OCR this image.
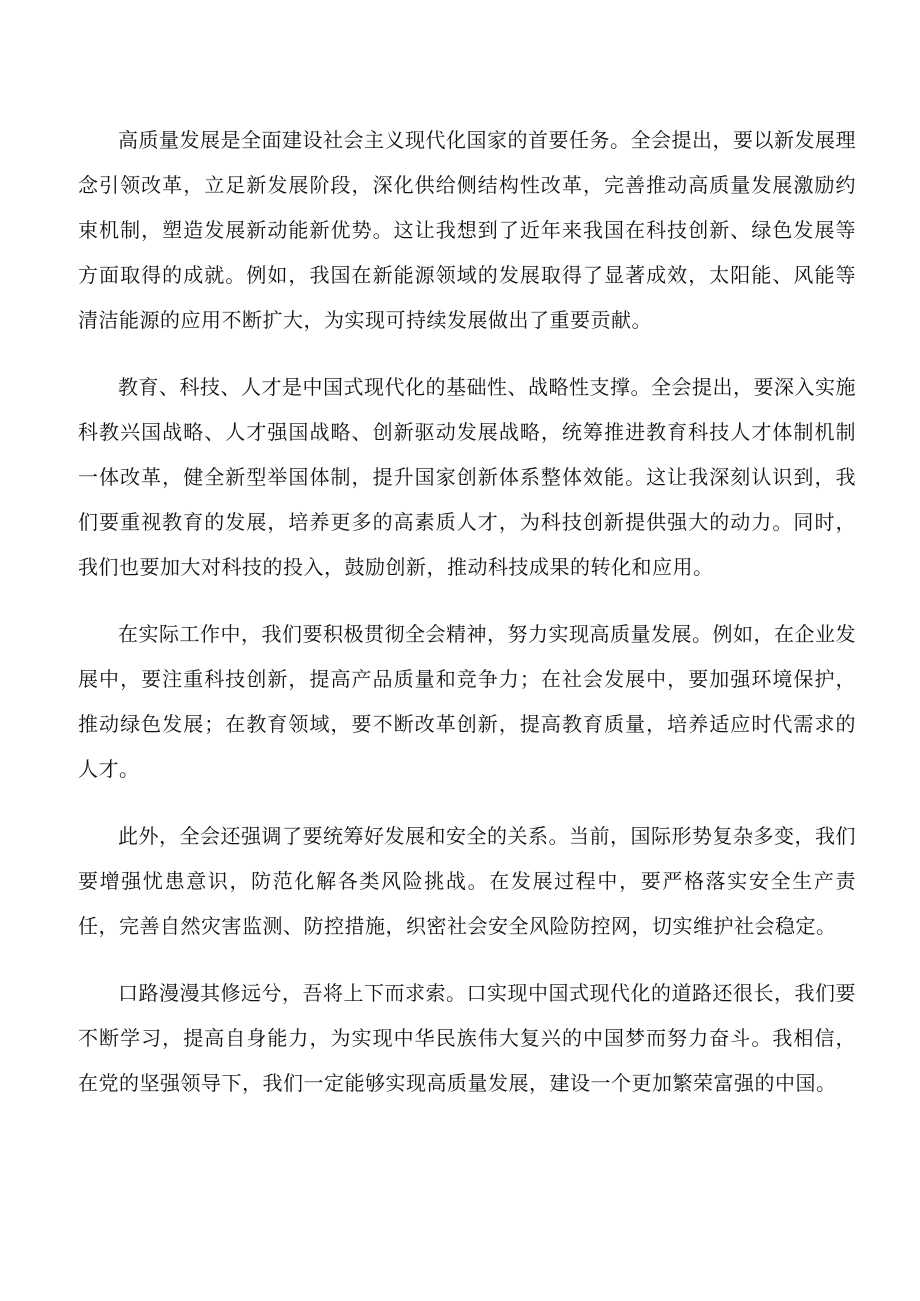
高质量发展是全面建设社会主义现代化国家的首要任务。全会提出，要以新发展理念引领改革，立足新发展阶段，深化供给侧结构性改革，完善推动高质量发展激励约束机制，塑造发展新动能新优势。这让我想到了近年来我国在科技创新、绿色发展等方面取得的成就。例如，我国在新能源领域的发展取得了显著成效，太阳能、风能等清洁能源的应用不断扩大，为实现可持续发展做出了重要贡献。

教育、科技、人才是中国式现代化的基础性、战略性支撑。全会提出，要深入实施科教兴国战略、人才强国战略、创新驱动发展战略，统筹推进教育科技人才体制机制一体改革，健全新型举国体制，提升国家创新体系整体效能。这让我深刻认识到，我们要重视教育的发展，培养更多的高素质人才，为科技创新提供强大的动力。同时，我们也要加大对科技的投入，鼓励创新，推动科技成果的转化和应用。

在实际工作中，我们要积极贯彻全会精神，努力实现高质量发展。例如，在企业发展中，要注重科技创新，提高产品质量和竞争力；在社会发展中，要加强环境保护，推动绿色发展；在教育领域，要不断改革创新，提高教育质量，培养适应时代需求的人才。

此外，全会还强调了要统筹好发展和安全的关系。当前，国际形势复杂多变，我们要增强忧患意识，防范化解各类风险挑战。在发展过程中，要严格落实安全生产责任，完善自然灾害监测、防控措施，织密社会安全风险防控网，切实维护社会稳定。

口路漫漫其修远兮，吾将上下而求索。口实现中国式现代化的道路还很长，我们要不断学习，提高自身能力，为实现中华民族伟大复兴的中国梦而努力奋斗。我相信，在党的坚强领导下，我们一定能够实现高质量发展，建设一个更加繁荣富强的中国。
